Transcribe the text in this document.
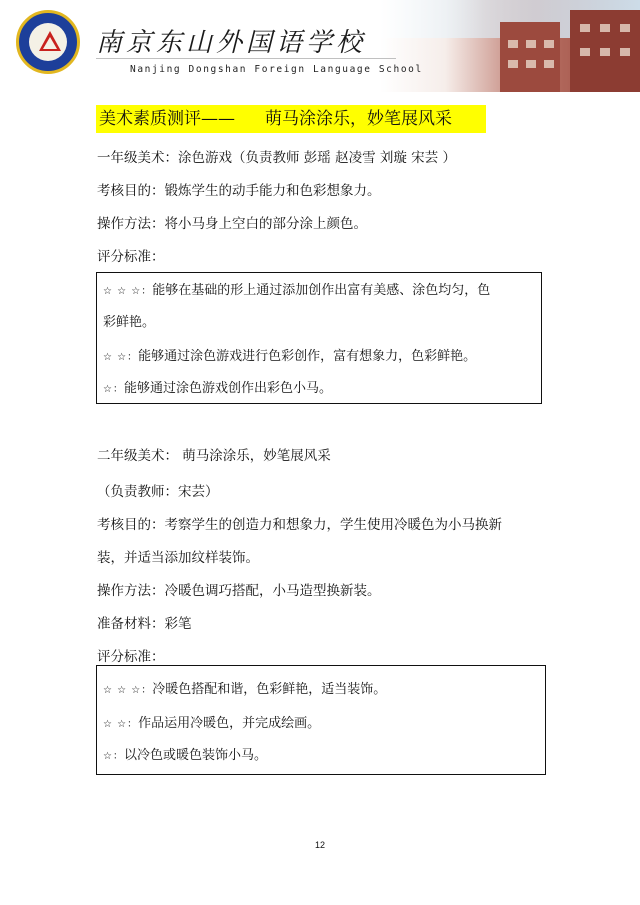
南京东山外国语学校
Nanjing Dongshan Foreign Language School
美术素质测评—— 萌马涂涂乐，妙笔展风采
一年级美术：涂色游戏（负责教师 彭瑶 赵凌雪 刘璇 宋芸 ）
考核目的：锻炼学生的动手能力和色彩想象力。
操作方法：将小马身上空白的部分涂上颜色。
评分标准：
☆ ☆ ☆：能够在基础的形上通过添加创作出富有美感、涂色均匀，色
彩鲜艳。
☆ ☆：能够通过涂色游戏进行色彩创作，富有想象力，色彩鲜艳。
☆：能够通过涂色游戏创作出彩色小马。
二年级美术： 萌马涂涂乐，妙笔展风采
（负责教师：宋芸）
考核目的：考察学生的创造力和想象力，学生使用冷暖色为小马换新
装，并适当添加纹样装饰。
操作方法：冷暖色调巧搭配，小马造型换新装。
准备材料：彩笔
评分标准：
☆ ☆ ☆：冷暖色搭配和谐，色彩鲜艳，适当装饰。
☆ ☆：作品运用冷暖色，并完成绘画。
☆：以冷色或暖色装饰小马。
12
